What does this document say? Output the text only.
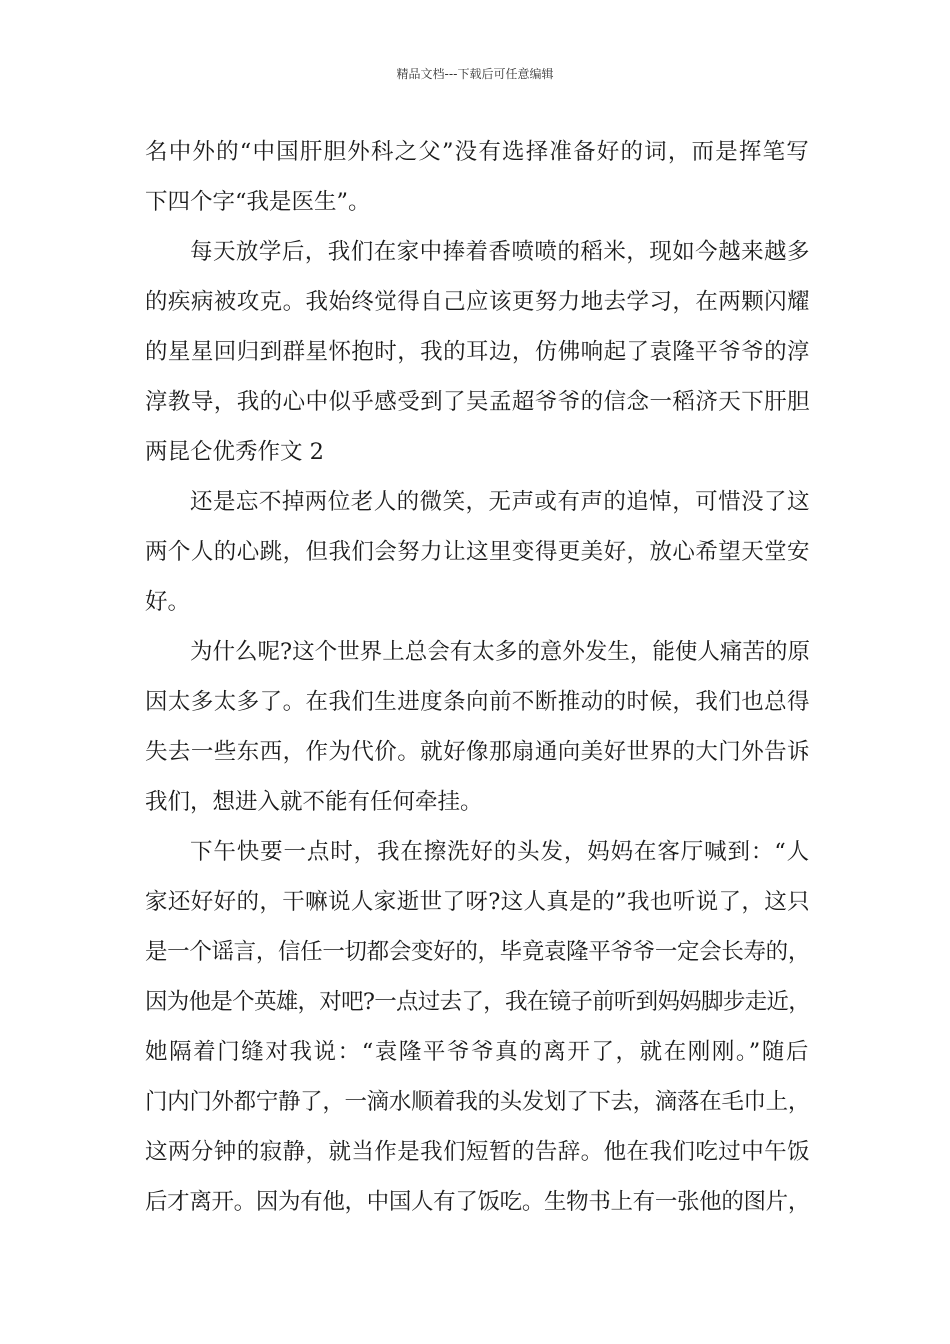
精品文档---下载后可任意编辑
名中外的“中国肝胆外科之父”没有选择准备好的词，而是挥笔写
下四个字“我是医生”。
每天放学后，我们在家中捧着香喷喷的稻米，现如今越来越多
的疾病被攻克。我始终觉得自己应该更努力地去学习，在两颗闪耀
的星星回归到群星怀抱时，我的耳边，仿佛响起了袁隆平爷爷的淳
淳教导，我的心中似乎感受到了吴孟超爷爷的信念一稻济天下肝胆
两昆仑优秀作文 2
还是忘不掉两位老人的微笑，无声或有声的追悼，可惜没了这
两个人的心跳，但我们会努力让这里变得更美好，放心希望天堂安
好。
为什么呢?这个世界上总会有太多的意外发生，能使人痛苦的原
因太多太多了。在我们生进度条向前不断推动的时候，我们也总得
失去一些东西，作为代价。就好像那扇通向美好世界的大门外告诉
我们，想进入就不能有任何牵挂。
下午快要一点时，我在擦洗好的头发，妈妈在客厅喊到：“人
家还好好的，干嘛说人家逝世了呀?这人真是的”我也听说了，这只
是一个谣言，信任一切都会变好的，毕竟袁隆平爷爷一定会长寿的，
因为他是个英雄，对吧?一点过去了，我在镜子前听到妈妈脚步走近，
她隔着门缝对我说：“袁隆平爷爷真的离开了，就在刚刚。”随后
门内门外都宁静了，一滴水顺着我的头发划了下去，滴落在毛巾上，
这两分钟的寂静，就当作是我们短暂的告辞。他在我们吃过中午饭
后才离开。因为有他，中国人有了饭吃。生物书上有一张他的图片，
